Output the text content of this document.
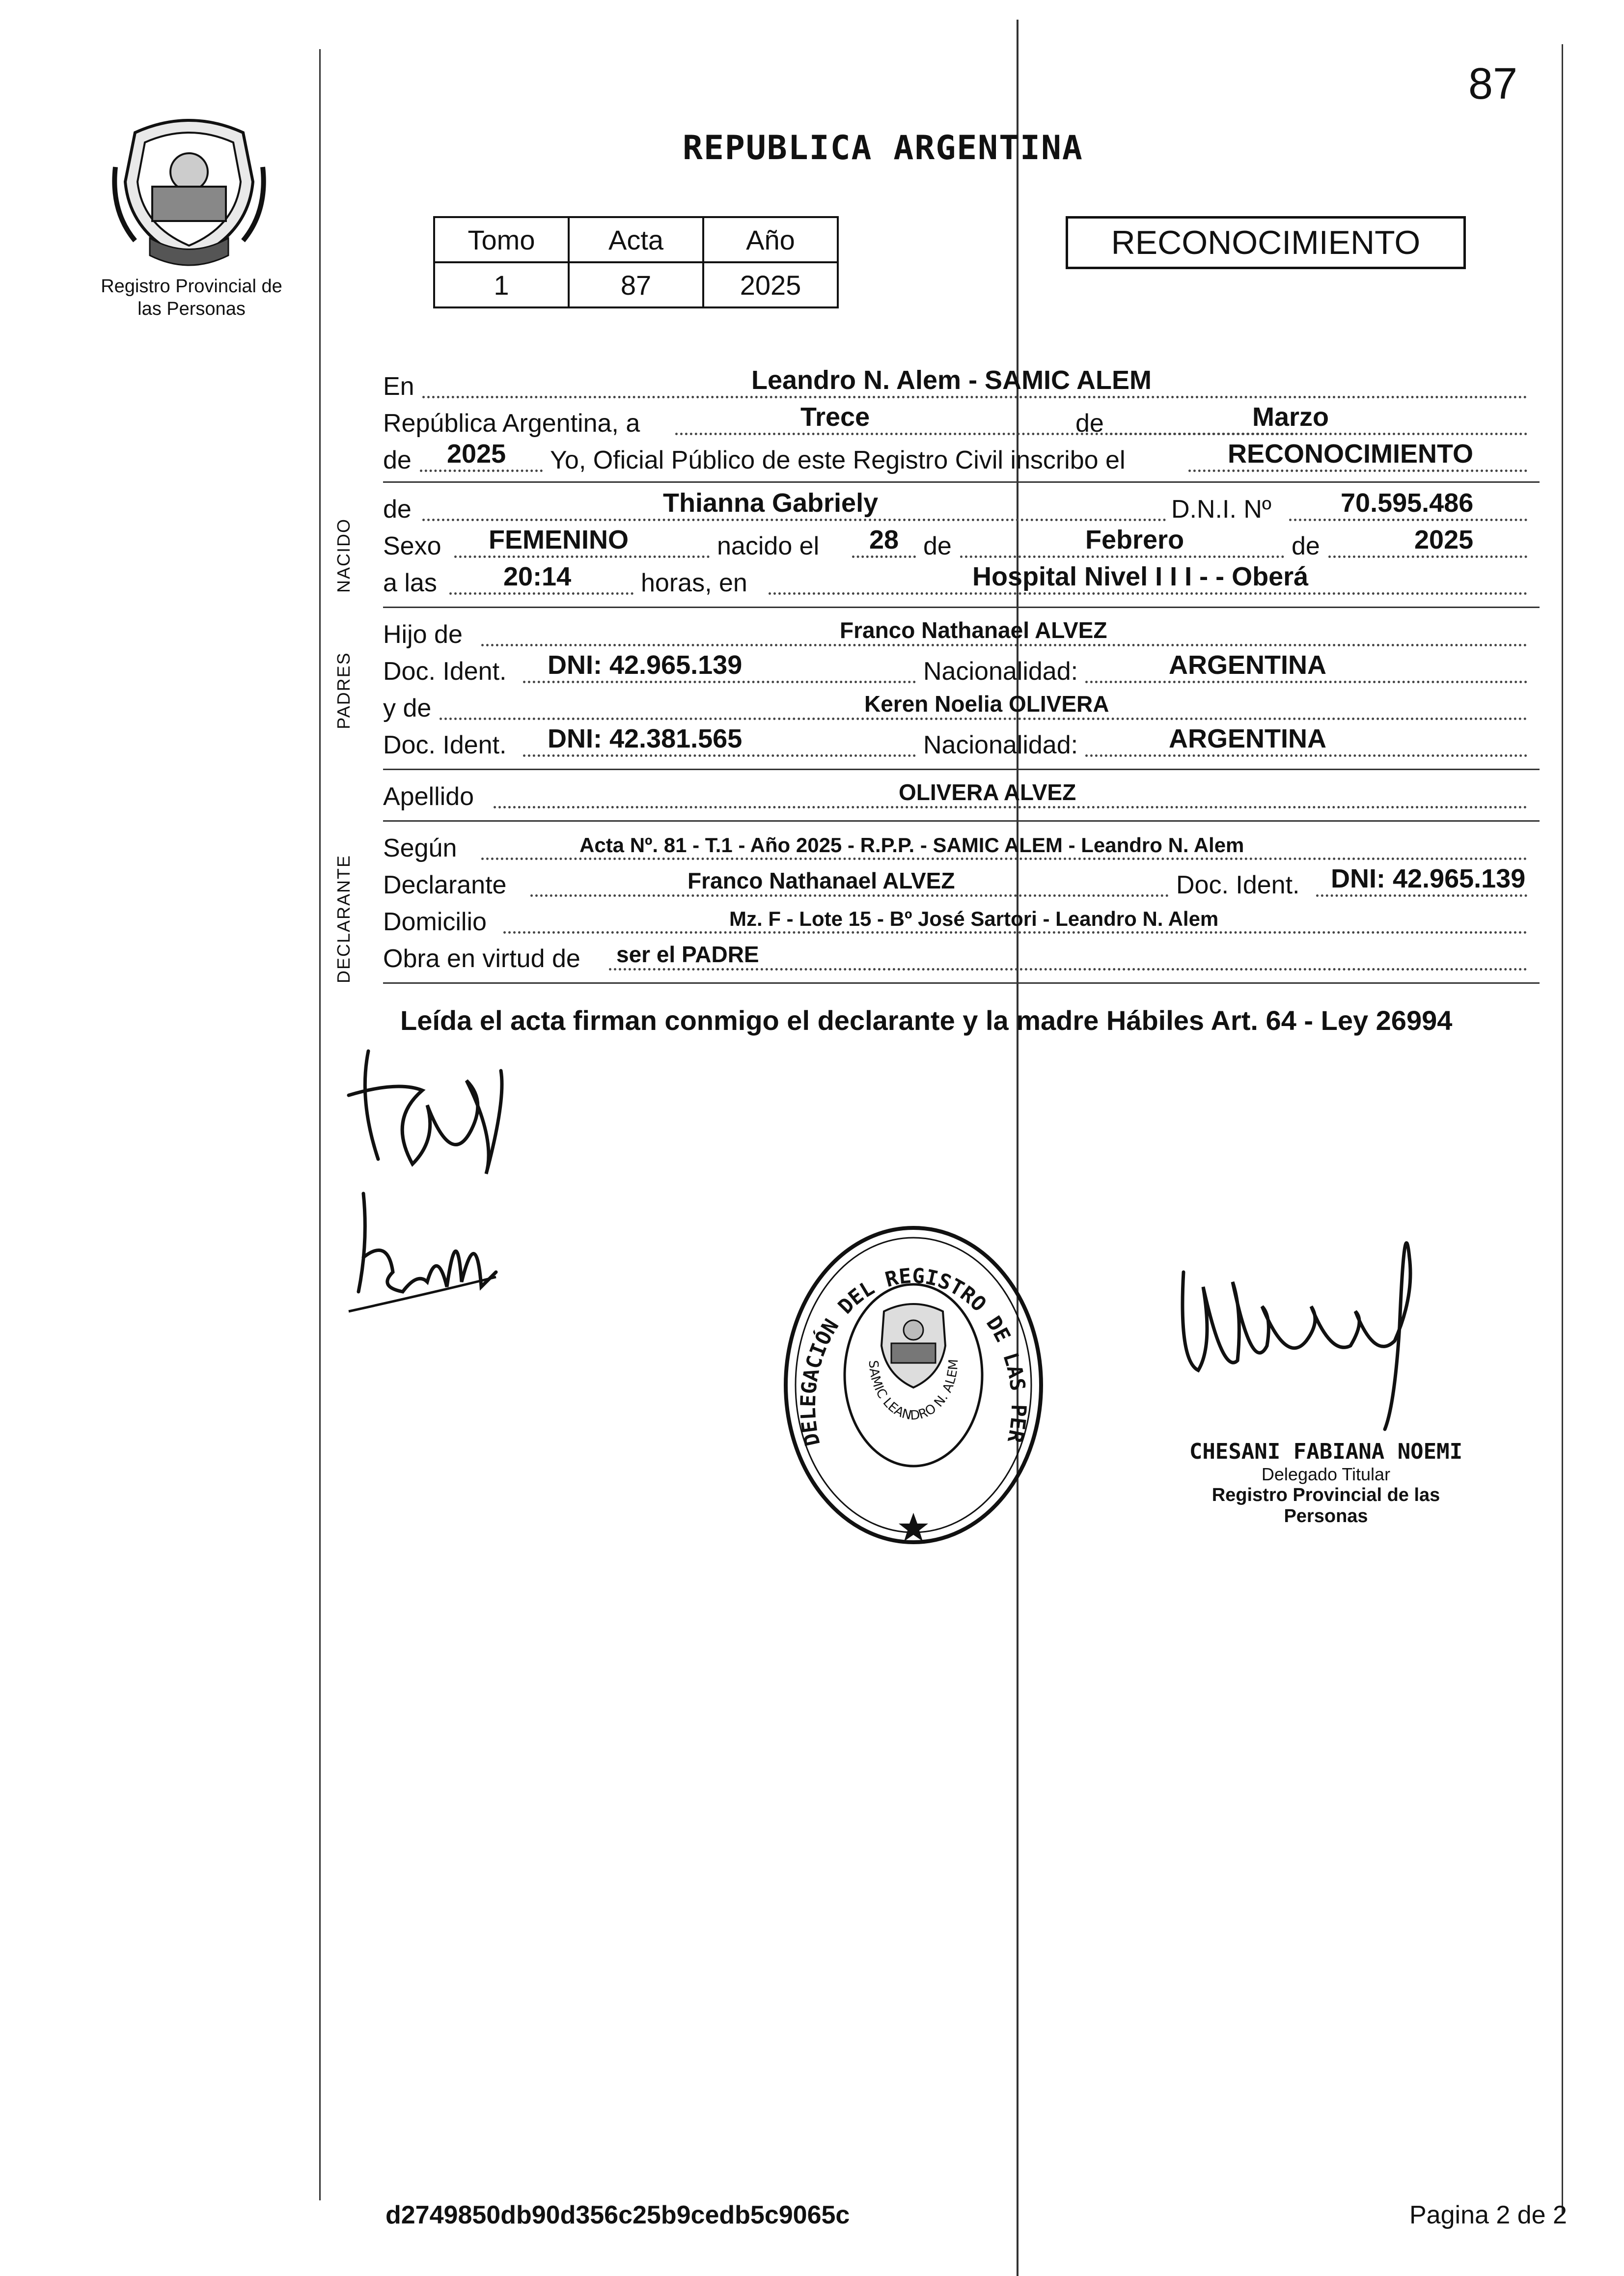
87
Registro Provincial de las Personas
REPUBLICA ARGENTINA
Tomo	Acta	Año
1	87	2025
RECONOCIMIENTO
En	Leandro N. Alem - SAMIC ALEM
República Argentina, a	Trece	de	Marzo
de 2025 Yo, Oficial Público de este Registro Civil inscribo el	RECONOCIMIENTO
NACIDO
de	Thianna Gabriely	D.N.I. Nº	70.595.486
Sexo FEMENINO	nacido el 28 de	Febrero	de	2025
a las	20:14	horas, en	Hospital Nivel I I I - - Oberá
PADRES
Hijo de	Franco Nathanael ALVEZ
Doc. Ident. DNI: 42.965.139	Nacionalidad:	ARGENTINA
y de	Keren Noelia OLIVERA
Doc. Ident. DNI: 42.381.565	Nacionalidad:	ARGENTINA
Apellido	OLIVERA ALVEZ
DECLARANTE
Según	Acta Nº. 81 - T.1 - Año 2025 - R.P.P. - SAMIC ALEM - Leandro N. Alem
Declarante	Franco Nathanael ALVEZ	Doc. Ident. DNI: 42.965.139
Domicilio	Mz. F - Lote 15 - Bº José Sartori - Leandro N. Alem
Obra en virtud de ser el PADRE
Leída el acta firman conmigo el declarante y la madre Hábiles Art. 64 - Ley 26994
DELEGACIÓN DEL REGISTRO DE LAS PER
SAMIC LEANDRO N. ALEM
CHESANI FABIANA NOEMI
Delegado Titular
Registro Provincial de las Personas
d2749850db90d356c25b9cedb5c9065c	Pagina 2 de 2
